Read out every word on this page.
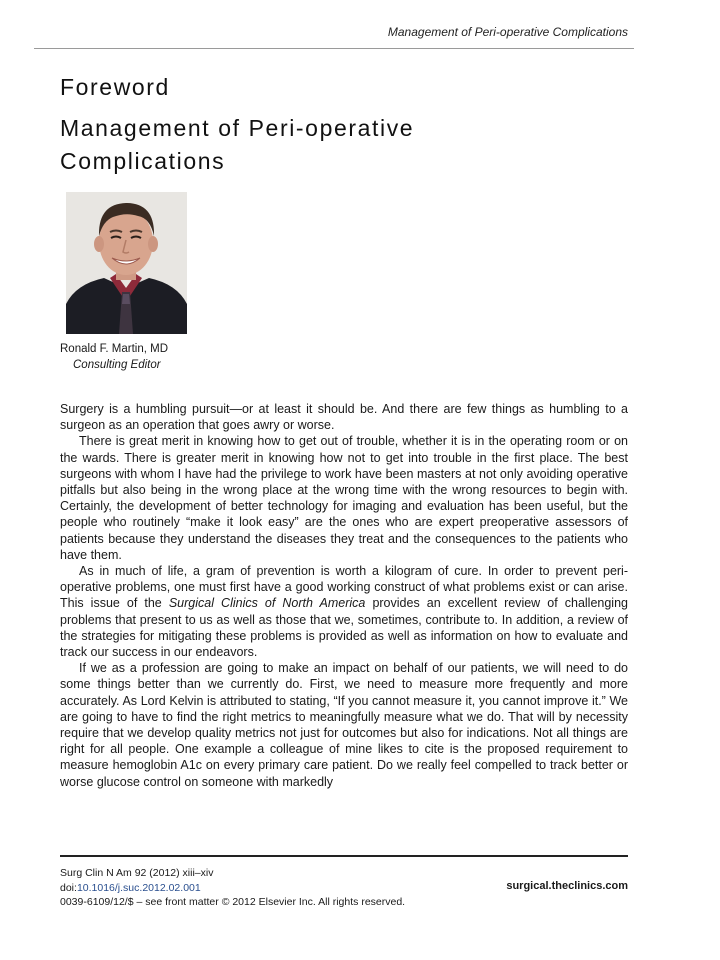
Management of Peri-operative Complications
Foreword
Management of Peri-operative Complications
Ronald F. Martin, MD
Consulting Editor

Surgery is a humbling pursuit—or at least it should be. And there are few things as humbling to a surgeon as an operation that goes awry or worse.

There is great merit in knowing how to get out of trouble, whether it is in the operating room or on the wards. There is greater merit in knowing how not to get into trouble in the first place. The best surgeons with whom I have had the privilege to work have been masters at not only avoiding operative pitfalls but also being in the wrong place at the wrong time with the wrong resources to begin with. Certainly, the development of better technology for imaging and evaluation has been useful, but the people who routinely “make it look easy” are the ones who are expert preoperative assessors of patients because they understand the diseases they treat and the consequences to the patients who have them.

As in much of life, a gram of prevention is worth a kilogram of cure. In order to prevent peri-operative problems, one must first have a good working construct of what problems exist or can arise. This issue of the Surgical Clinics of North America provides an excellent review of challenging problems that present to us as well as those that we, sometimes, contribute to. In addition, a review of the strategies for mitigating these problems is provided as well as information on how to evaluate and track our success in our endeavors.

If we as a profession are going to make an impact on behalf of our patients, we will need to do some things better than we currently do. First, we need to measure more frequently and more accurately. As Lord Kelvin is attributed to stating, “If you cannot measure it, you cannot improve it.” We are going to have to find the right metrics to meaningfully measure what we do. That will by necessity require that we develop quality metrics not just for outcomes but also for indications. Not all things are right for all people. One example a colleague of mine likes to cite is the proposed requirement to measure hemoglobin A1c on every primary care patient. Do we really feel compelled to track better or worse glucose control on someone with markedly

Surg Clin N Am 92 (2012) xiii–xiv
doi:10.1016/j.suc.2012.02.001
0039-6109/12/$ – see front matter © 2012 Elsevier Inc. All rights reserved.
surgical.theclinics.com
